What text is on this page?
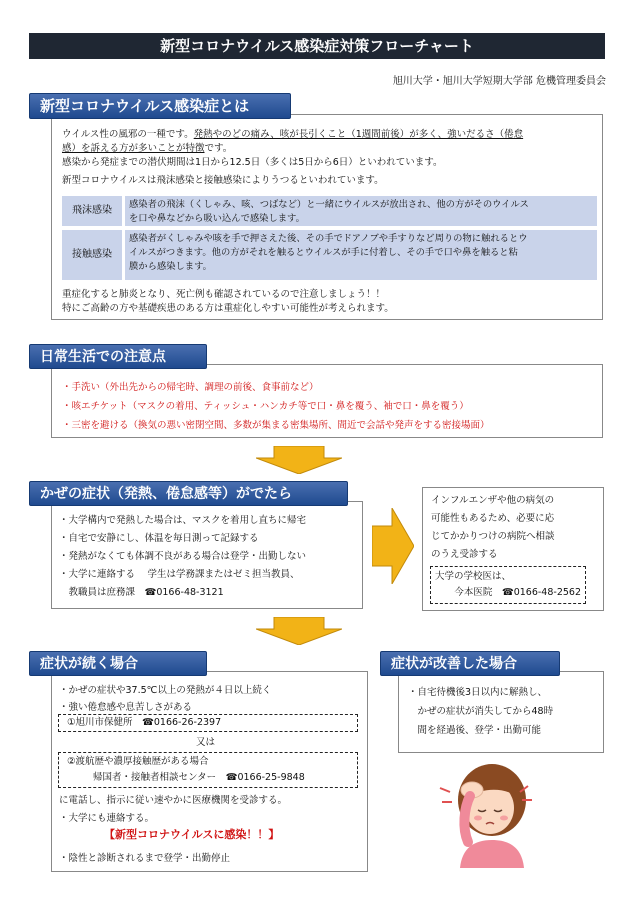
新型コロナウイルス感染症対策フローチャート
旭川大学・旭川大学短期大学部 危機管理委員会
新型コロナウイルス感染症とは

ウイルス性の風邪の一種です。発熱やのどの痛み、咳が長引くこと（1週間前後）が多く、強いだるさ（倦怠

感）を訴える方が多いことが特徴です。

感染から発症までの潜伏期間は1日から12.5日（多くは5日から6日）といわれています。

新型コロナウイルスは飛沫感染と接触感染によりうつるといわれています。

飛沫感染
感染者の飛沫（くしゃみ、咳、つばなど）と一緒にウイルスが放出され、他の方がそのウイルス
を口や鼻などから吸い込んで感染します。
接触感染
感染者がくしゃみや咳を手で押さえた後、その手でドアノブや手すりなど周りの物に触れるとウ
イルスがつきます。他の方がそれを触るとウイルスが手に付着し、その手で口や鼻を触ると粘
膜から感染します。

重症化すると肺炎となり、死亡例も確認されているので注意しましょう！！

特にご高齢の方や基礎疾患のある方は重症化しやすい可能性が考えられます。

日常生活での注意点

・手洗い（外出先からの帰宅時、調理の前後、食事前など）

・咳エチケット（マスクの着用、ティッシュ・ハンカチ等で口・鼻を覆う、袖で口・鼻を覆う）

・三密を避ける（換気の悪い密閉空間、多数が集まる密集場所、間近で会話や発声をする密接場面）

かぜの症状（発熱、倦怠感等）がでたら

・大学構内で発熱した場合は、マスクを着用し直ちに帰宅

・自宅で安静にし、体温を毎日測って記録する

・発熱がなくても体調不良がある場合は登学・出勤しない

・大学に連絡する　 学生は学務課またはゼミ担当教員、

　教職員は庶務課　☎0166-48-3121

インフルエンザや他の病気の

可能性もあるため、必要に応

じてかかりつけの病院へ相談

のうえ受診する

大学の学校医は、

今本医院　☎0166-48-2562

症状が続く場合

・かぜの症状や37.5℃以上の発熱が４日以上続く

・強い倦怠感や息苦しさがある

①旭川市保健所　☎0166-26-2397

又は

②渡航歴や濃厚接触歴がある場合

帰国者・接触者相談センター　☎0166-25-9848

に電話し、指示に従い速やかに医療機関を受診する。

・大学にも連絡する。

【新型コロナウイルスに感染！！】
・陰性と診断されるまで登学・出勤停止
症状が改善した場合

・自宅待機後3日以内に解熱し、

　かぜの症状が消失してから48時

　間を経過後、登学・出勤可能
